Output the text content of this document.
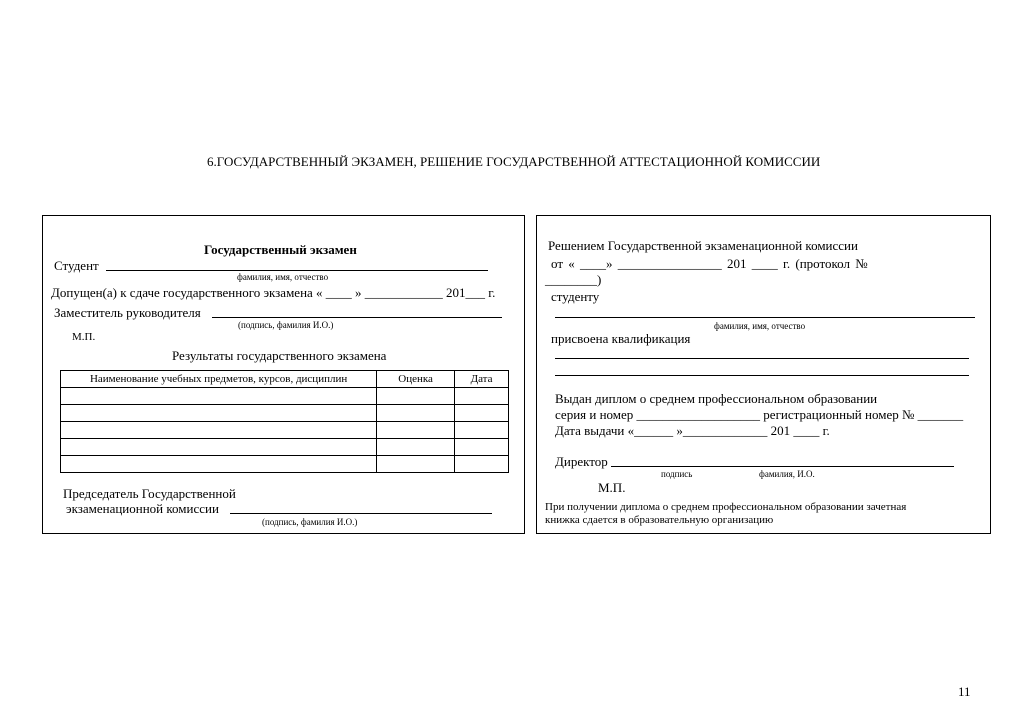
6.ГОСУДАРСТВЕННЫЙ ЭКЗАМЕН, РЕШЕНИЕ ГОСУДАРСТВЕННОЙ АТТЕСТАЦИОННОЙ КОМИССИИ
Государственный экзамен
Студент
фамилия, имя, отчество
Допущен(а) к сдаче государственного экзамена « ____ » ____________ 201___ г.
Заместитель руководителя
(подпись, фамилия И.О.)
М.П.
Результаты государственного экзамена
Наименование учебных предметов, курсов, дисциплин	Оценка	Дата

Председатель Государственной
экзаменационной комиссии
(подпись, фамилия И.О.)
Решением Государственной экзаменационной комиссии
от « ____» ________________ 201 ____ г. (протокол №
________)
студенту
фамилия, имя, отчество
присвоена квалификация
Выдан диплом о среднем профессиональном образовании
серия и номер ___________________ регистрационный номер № _______
Дата выдачи «______ »_____________ 201 ____ г.
Директор
подпись	фамилия, И.О.
М.П.
При получении диплома о среднем профессиональном образовании зачетная
книжка сдается в образовательную организацию
11
